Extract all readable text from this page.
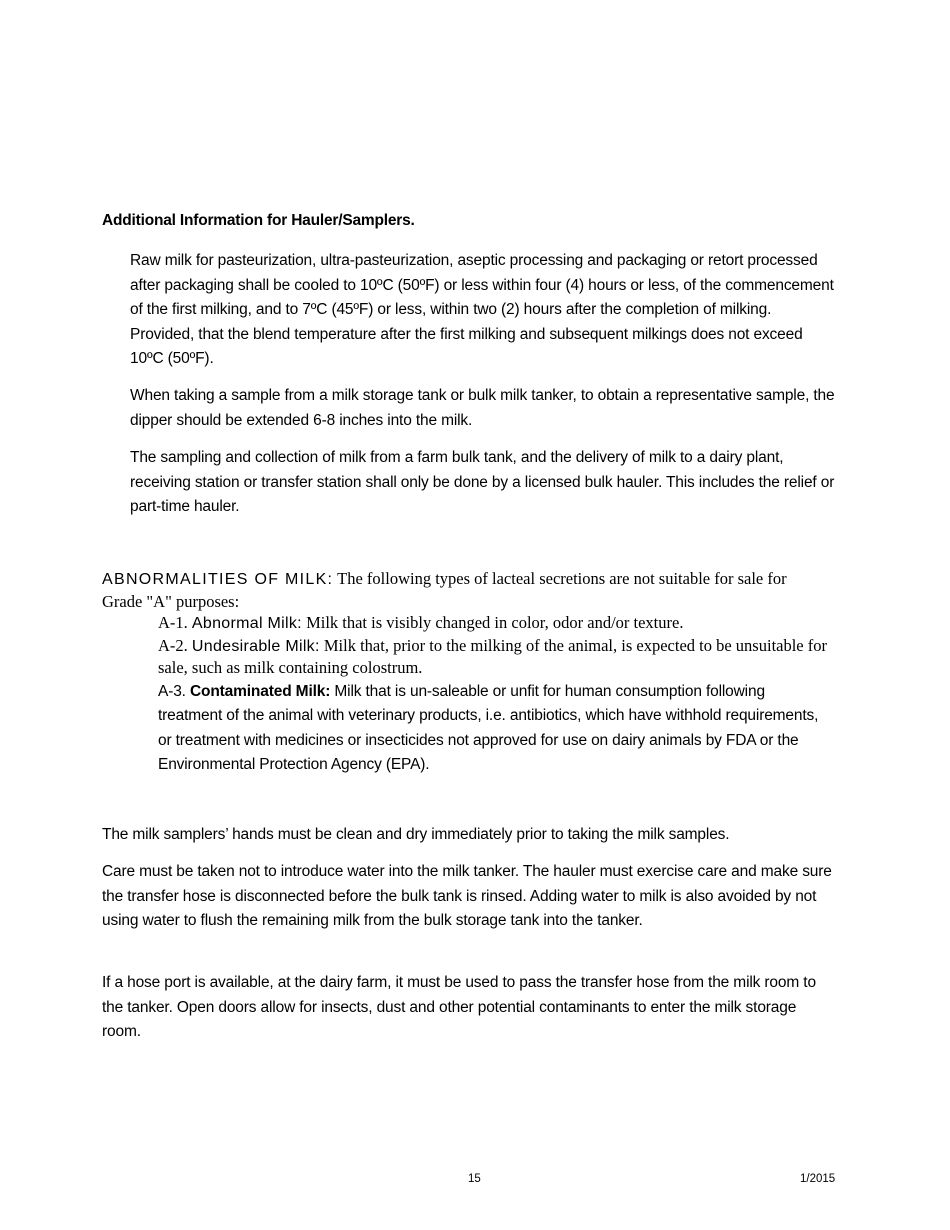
Additional Information for Hauler/Samplers.
Raw milk for pasteurization, ultra-pasteurization, aseptic processing and packaging or retort processed after packaging shall be cooled to 10ºC (50ºF) or less within four (4) hours or less, of the commencement of the first milking, and to 7ºC (45ºF) or less, within two (2) hours after the completion of milking. Provided, that the blend temperature after the first milking and subsequent milkings does not exceed 10ºC (50ºF).
When taking a sample from a milk storage tank or bulk milk tanker, to obtain a representative sample, the dipper should be extended 6-8 inches into the milk.
The sampling and collection of milk from a farm bulk tank, and the delivery of milk to a dairy plant, receiving station or transfer station shall only be done by a licensed bulk hauler. This includes the relief or part-time hauler.
ABNORMALITIES OF MILK: The following types of lacteal secretions are not suitable for sale for Grade "A" purposes:
A-1. Abnormal Milk: Milk that is visibly changed in color, odor and/or texture.
A-2. Undesirable Milk: Milk that, prior to the milking of the animal, is expected to be unsuitable for sale, such as milk containing colostrum.
A-3. Contaminated Milk: Milk that is un-saleable or unfit for human consumption following treatment of the animal with veterinary products, i.e. antibiotics, which have withhold requirements, or treatment with medicines or insecticides not approved for use on dairy animals by FDA or the Environmental Protection Agency (EPA).
The milk samplers’ hands must be clean and dry immediately prior to taking the milk samples.
Care must be taken not to introduce water into the milk tanker. The hauler must exercise care and make sure the transfer hose is disconnected before the bulk tank is rinsed. Adding water to milk is also avoided by not using water to flush the remaining milk from the bulk storage tank into the tanker.
If a hose port is available, at the dairy farm, it must be used to pass the transfer hose from the milk room to the tanker. Open doors allow for insects, dust and other potential contaminants to enter the milk storage room.
15	1/2015
